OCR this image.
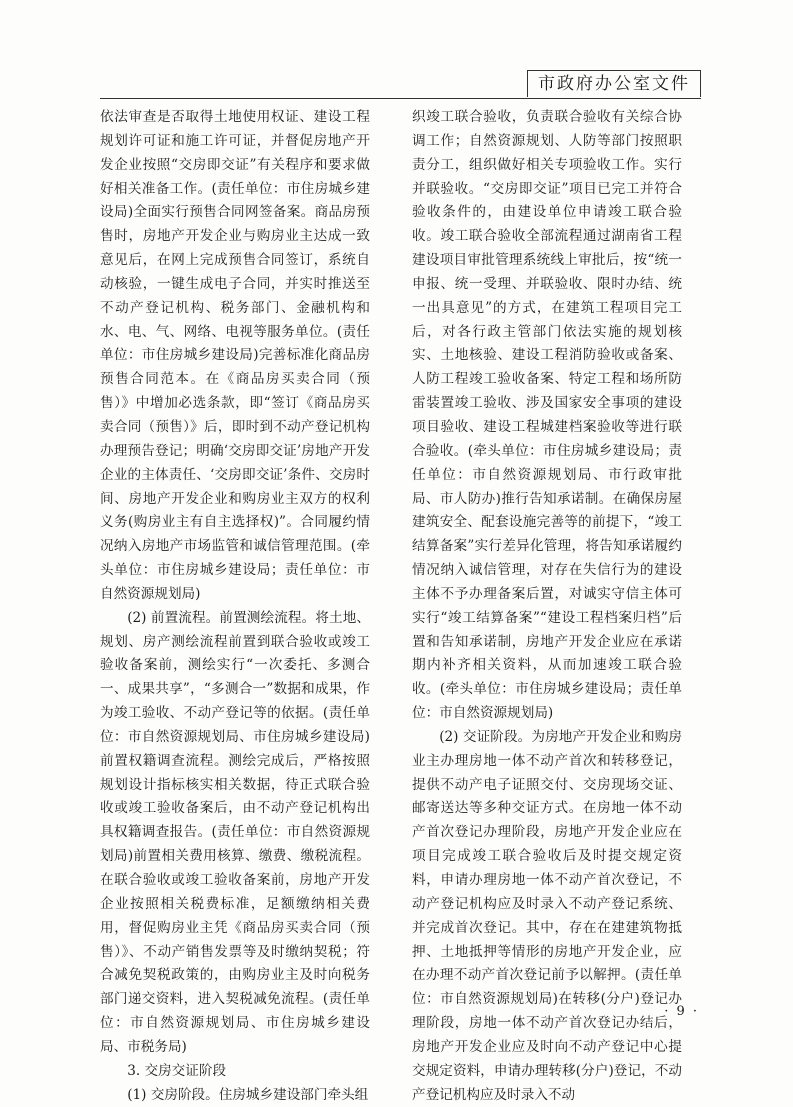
市政府办公室文件

依法审查是否取得土地使用权证、建设工程规划许可证和施工许可证，并督促房地产开发企业按照“交房即交证”有关程序和要求做好相关准备工作。(责任单位：市住房城乡建设局)全面实行预售合同网签备案。商品房预售时，房地产开发企业与购房业主达成一致意见后，在网上完成预售合同签订，系统自动核验，一键生成电子合同，并实时推送至不动产登记机构、税务部门、金融机构和水、电、气、网络、电视等服务单位。(责任单位：市住房城乡建设局)完善标准化商品房预售合同范本。在《商品房买卖合同（预售）》中增加必选条款，即“签订《商品房买卖合同（预售）》后，即时到不动产登记机构办理预告登记；明确‘交房即交证’房地产开发企业的主体责任、‘交房即交证’条件、交房时间、房地产开发企业和购房业主双方的权利义务(购房业主有自主选择权)”。合同履约情况纳入房地产市场监管和诚信管理范围。(牵头单位：市住房城乡建设局；责任单位：市自然资源规划局)

(2) 前置流程。前置测绘流程。将土地、规划、房产测绘流程前置到联合验收或竣工验收备案前，测绘实行“一次委托、多测合一、成果共享”，“多测合一”数据和成果，作为竣工验收、不动产登记等的依据。(责任单位：市自然资源规划局、市住房城乡建设局)前置权籍调查流程。测绘完成后，严格按照规划设计指标核实相关数据，待正式联合验收或竣工验收备案后，由不动产登记机构出具权籍调查报告。(责任单位：市自然资源规划局)前置相关费用核算、缴费、缴税流程。在联合验收或竣工验收备案前，房地产开发企业按照相关税费标准，足额缴纳相关费用，督促购房业主凭《商品房买卖合同（预售）》、不动产销售发票等及时缴纳契税；符合减免契税政策的，由购房业主及时向税务部门递交资料，进入契税减免流程。(责任单位：市自然资源规划局、市住房城乡建设局、市税务局)

3. 交房交证阶段

(1) 交房阶段。住房城乡建设部门牵头组

织竣工联合验收，负责联合验收有关综合协调工作；自然资源规划、人防等部门按照职责分工，组织做好相关专项验收工作。实行并联验收。“交房即交证”项目已完工并符合验收条件的，由建设单位申请竣工联合验收。竣工联合验收全部流程通过湖南省工程建设项目审批管理系统线上审批后，按“统一申报、统一受理、并联验收、限时办结、统一出具意见”的方式，在建筑工程项目完工后，对各行政主管部门依法实施的规划核实、土地核验、建设工程消防验收或备案、人防工程竣工验收备案、特定工程和场所防雷装置竣工验收、涉及国家安全事项的建设项目验收、建设工程城建档案验收等进行联合验收。(牵头单位：市住房城乡建设局；责任单位：市自然资源规划局、市行政审批局、市人防办)推行告知承诺制。在确保房屋建筑安全、配套设施完善等的前提下，“竣工结算备案”实行差异化管理，将告知承诺履约情况纳入诚信管理，对存在失信行为的建设主体不予办理备案后置，对诚实守信主体可实行“竣工结算备案”“建设工程档案归档”后置和告知承诺制，房地产开发企业应在承诺期内补齐相关资料，从而加速竣工联合验收。(牵头单位：市住房城乡建设局；责任单位：市自然资源规划局)

(2) 交证阶段。为房地产开发企业和购房业主办理房地一体不动产首次和转移登记，提供不动产电子证照交付、交房现场交证、邮寄送达等多种交证方式。在房地一体不动产首次登记办理阶段，房地产开发企业应在项目完成竣工联合验收后及时提交规定资料，申请办理房地一体不动产首次登记，不动产登记机构应及时录入不动产登记系统、并完成首次登记。其中，存在在建建筑物抵押、土地抵押等情形的房地产开发企业，应在办理不动产首次登记前予以解押。(责任单位：市自然资源规划局)在转移(分户)登记办理阶段，房地一体不动产首次登记办结后，房地产开发企业应及时向不动产登记中心提交规定资料，申请办理转移(分户)登记，不动产登记机构应及时录入不动

· 9 ·
